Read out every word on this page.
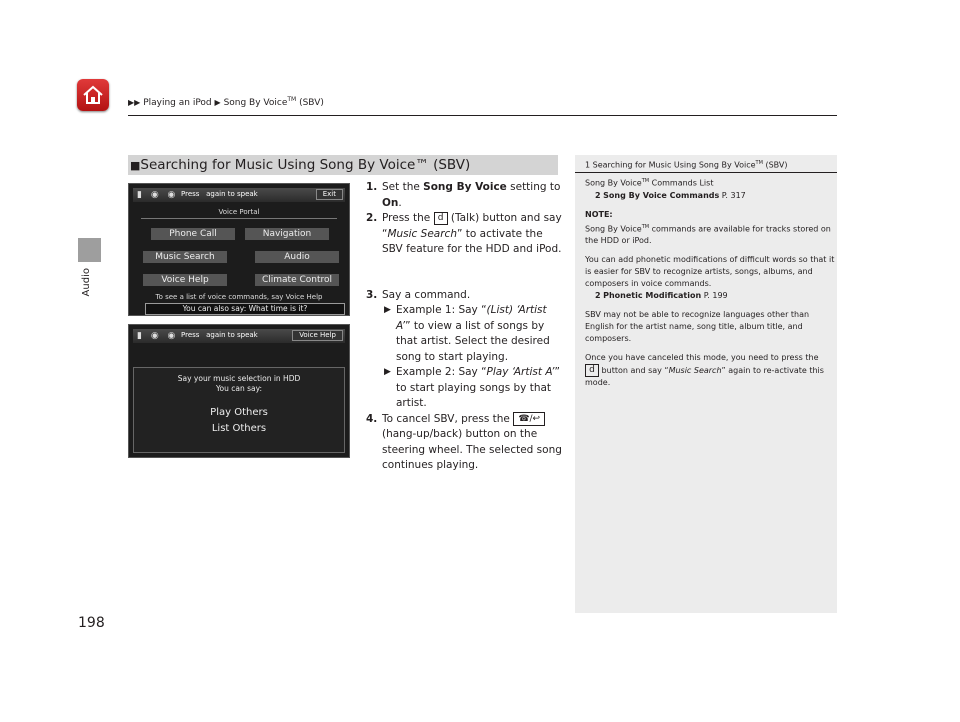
▶▶ Playing an iPod ▶ Song By Voice™ (SBV)
Audio
198
■Searching for Music Using Song By Voice™ (SBV)
▮ ◉ ◉ Press   again to speak	Exit
Voice Portal
Phone Call	Navigation
Music Search	Audio
Voice Help	Climate Control
To see a list of voice commands, say Voice Help
You can also say: What time is it?
▮ ◉ ◉ Press   again to speak	Voice Help
Say your music selection in HDD
You can say:
Play Others
List Others
1. Set the Song By Voice setting to On.
2. Press the d (Talk) button and say “Music Search” to activate the SBV feature for the HDD and iPod.
3. Say a command.
▶ Example 1: Say “(List) ‘Artist A’” to view a list of songs by that artist. Select the desired song to start playing.
▶ Example 2: Say “Play ‘Artist A’” to start playing songs by that artist.
4. To cancel SBV, press the ☎/↩ (hang-up/back) button on the steering wheel. The selected song continues playing.
1 Searching for Music Using Song By Voice™ (SBV)

Song By Voice™ Commands List
2 Song By Voice Commands P. 317

NOTE:
Song By Voice™ commands are available for tracks stored on the HDD or iPod.

You can add phonetic modifications of difficult words so that it is easier for SBV to recognize artists, songs, albums, and composers in voice commands.
2 Phonetic Modification P. 199

SBV may not be able to recognize languages other than English for the artist name, song title, album title, and composers.

Once you have canceled this mode, you need to press the d button and say “Music Search” again to re-activate this mode.
